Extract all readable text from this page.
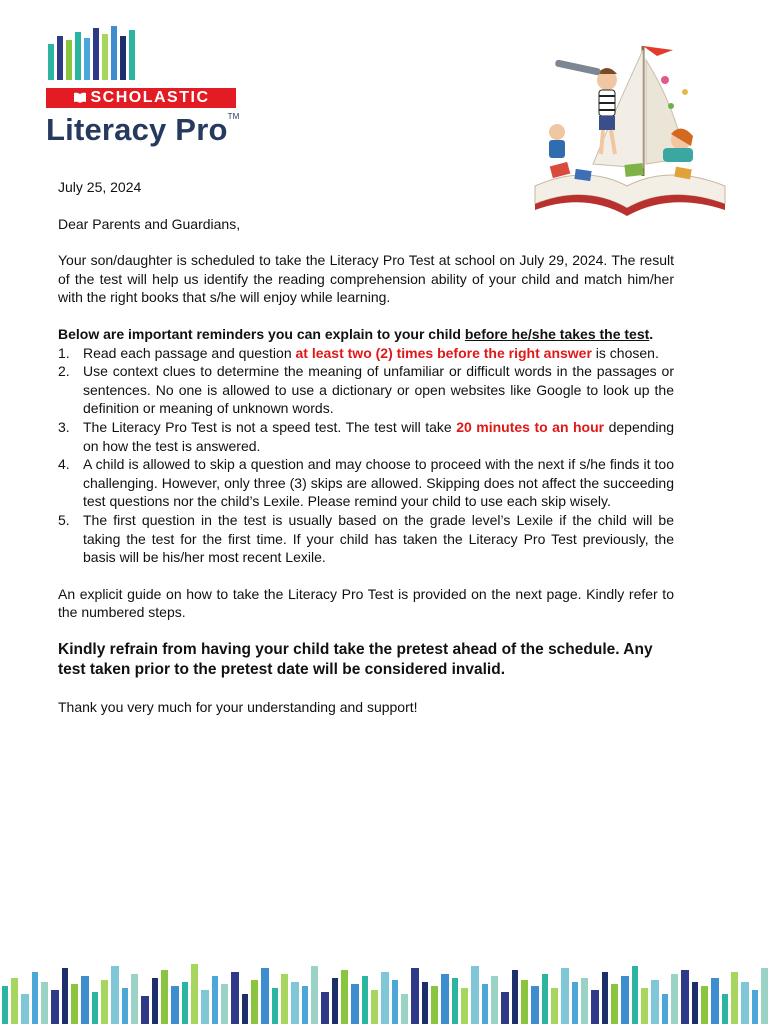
SCHOLASTIC
Literacy Pro™

July 25, 2024

Dear Parents and Guardians,

Your son/daughter is scheduled to take the Literacy Pro Test at school on July 29, 2024. The result of the test will help us identify the reading comprehension ability of your child and match him/her with the right books that s/he will enjoy while learning.

Below are important reminders you can explain to your child before he/she takes the test.

1. Read each passage and question at least two (2) times before the right answer is chosen.
2. Use context clues to determine the meaning of unfamiliar or difficult words in the passages or sentences. No one is allowed to use a dictionary or open websites like Google to look up the definition or meaning of unknown words.
3. The Literacy Pro Test is not a speed test. The test will take 20 minutes to an hour depending on how the test is answered.
4. A child is allowed to skip a question and may choose to proceed with the next if s/he finds it too challenging. However, only three (3) skips are allowed. Skipping does not affect the succeeding test questions nor the child’s Lexile. Please remind your child to use each skip wisely.
5. The first question in the test is usually based on the grade level’s Lexile if the child will be taking the test for the first time. If your child has taken the Literacy Pro Test previously, the basis will be his/her most recent Lexile.

An explicit guide on how to take the Literacy Pro Test is provided on the next page. Kindly refer to the numbered steps.

Kindly refrain from having your child take the pretest ahead of the schedule. Any test taken prior to the pretest date will be considered invalid.

Thank you very much for your understanding and support!
